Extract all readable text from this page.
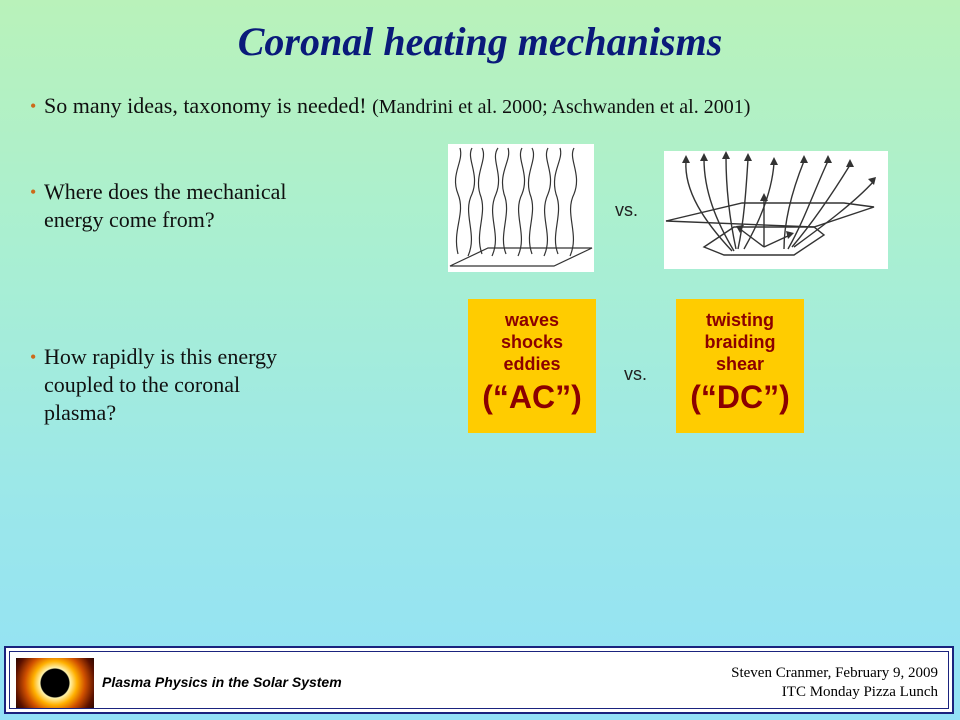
Coronal heating mechanisms
• So many ideas, taxonomy is needed! (Mandrini et al. 2000; Aschwanden et al. 2001)
• Where does the mechanical
energy come from?
• How rapidly is this energy
coupled to the coronal
plasma?
vs.
waves
shocks
eddies
(“AC”)
vs.
twisting
braiding
shear
(“DC”)
Plasma Physics in the Solar System
Steven Cranmer, February 9, 2009
ITC Monday Pizza Lunch
